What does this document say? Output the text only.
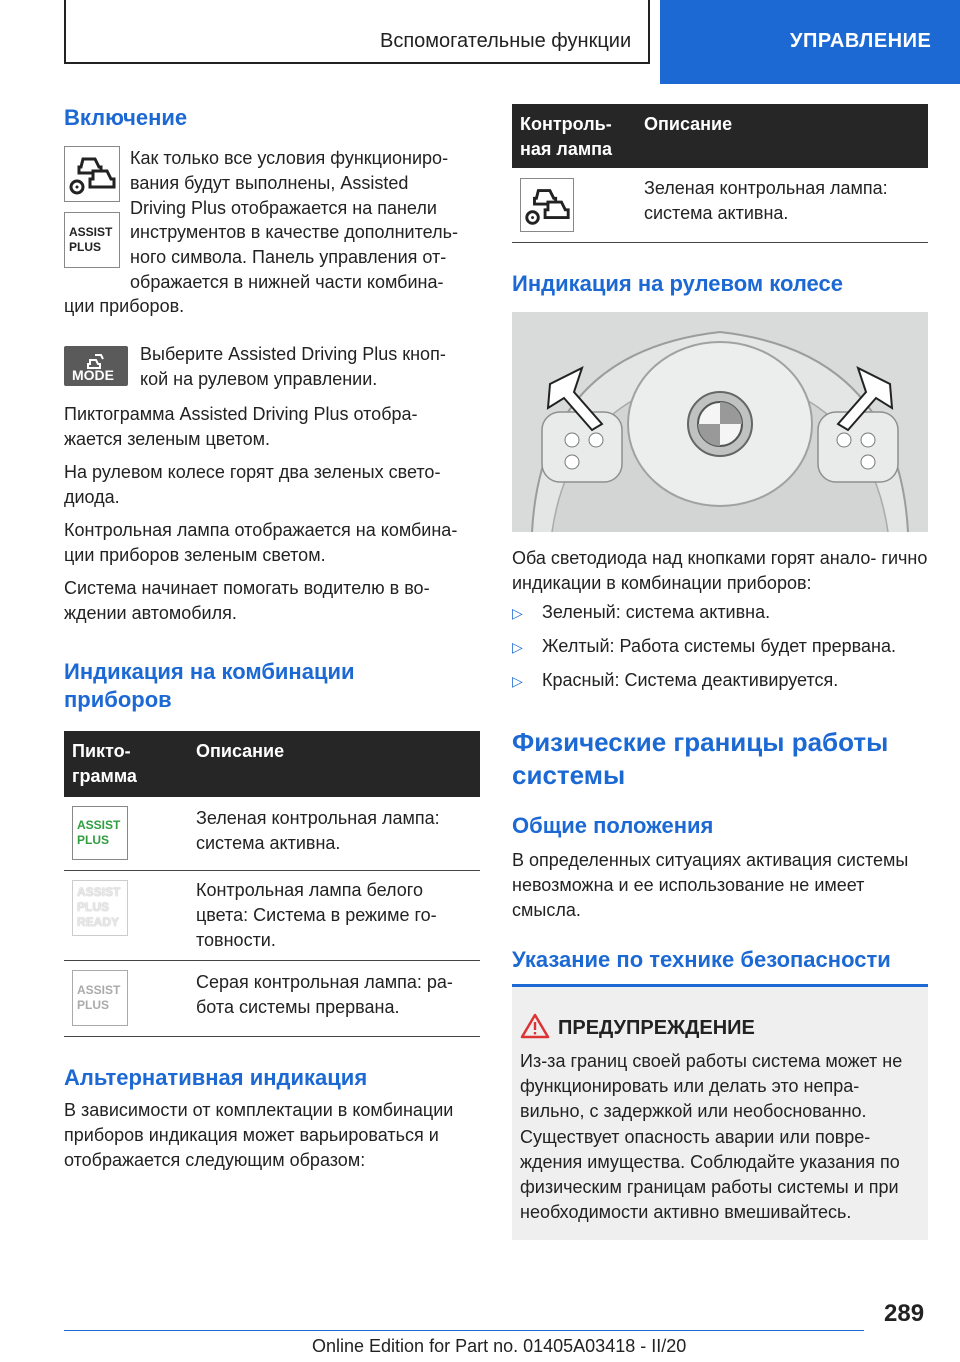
Вспомогательные функции	УПРАВЛЕНИЕ
Включение
ASSIST
PLUS
Как только все условия функциониро-
вания будут выполнены, Assisted
Driving Plus отображается на панели
инструментов в качестве дополнитель-
ного символа. Панель управления от-
ображается в нижней части комбина-
ции приборов.
MODE
Выберите Assisted Driving Plus кноп-
кой на рулевом управлении.
Пиктограмма Assisted Driving Plus отобра- жается зеленым цветом.
На рулевом колесе горят два зеленых свето- диода.
Контрольная лампа отображается на комбина- ции приборов зеленым светом.
Система начинает помогать водителю в во- ждении автомобиля.
Индикация на комбинации
приборов
Пикто-
грамма
Описание
ASSIST
PLUS
Зеленая контрольная лампа:
система активна.
ASSIST
PLUS
READY
Контрольная лампа белого
цвета: Система в режиме го-
товности.
ASSIST
PLUS
Серая контрольная лампа: ра-
бота системы прервана.
Альтернативная индикация
В зависимости от комплектации в комбинации приборов индикация может варьироваться и отображается следующим образом:
Контроль-
ная лампа
Описание
Зеленая контрольная лампа:
система активна.
Индикация на рулевом колесе
Оба светодиода над кнопками горят анало- гично индикации в комбинации приборов:
▷ Зеленый: система активна.
▷ Желтый: Работа системы будет прервана.
▷ Красный: Система деактивируется.
Физические границы работы
системы
Общие положения
В определенных ситуациях активация системы невозможна и ее использование не имеет смысла.
Указание по технике безопасности
ПРЕДУПРЕЖДЕНИЕ
Из-за границ своей работы система может не функционировать или делать это непра- вильно, с задержкой или необоснованно. Существует опасность аварии или повре- ждения имущества. Соблюдайте указания по физическим границам работы системы и при необходимости активно вмешивайтесь.
289
Online Edition for Part no. 01405A03418 - II/20
